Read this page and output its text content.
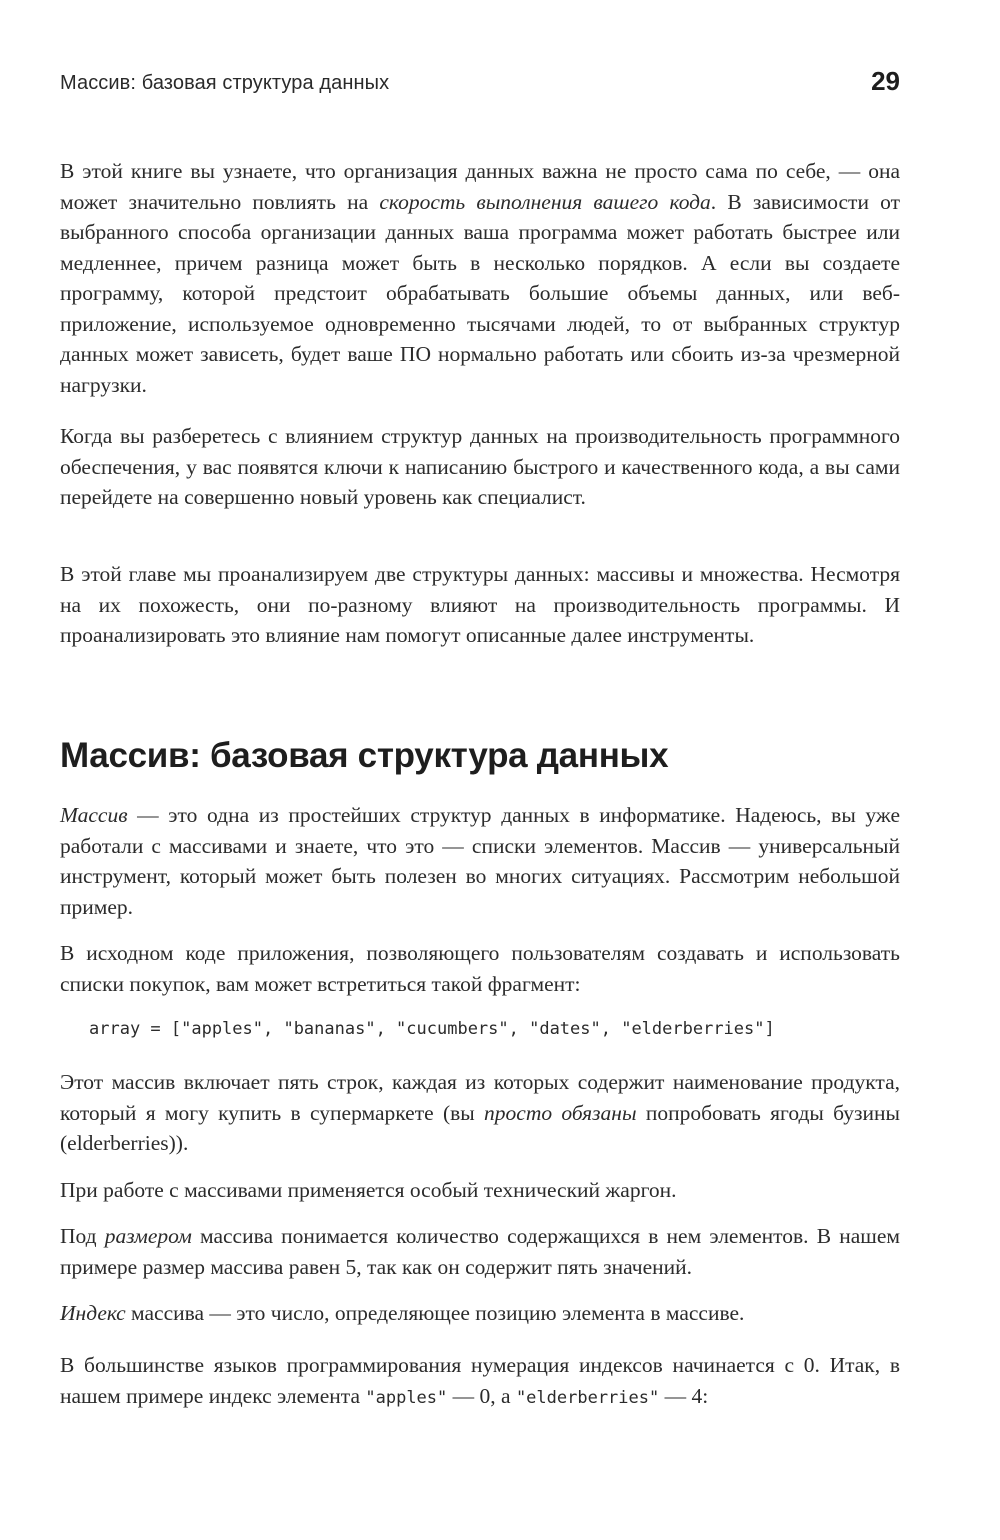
Массив: базовая структура данных	29

В этой книге вы узнаете, что организация данных важна не просто сама по себе, — она может значительно повлиять на скорость выполнения вашего кода. В зависимости от выбранного способа организации данных ваша программа может работать быстрее или медленнее, причем разница может быть в несколько порядков. А если вы создаете программу, которой предстоит обрабатывать большие объемы данных, или веб-приложение, используемое одновременно тысячами людей, то от выбранных структур данных может зависеть, будет ваше ПО нормально работать или сбоить из-за чрезмерной нагрузки.

Когда вы разберетесь с влиянием структур данных на производительность программного обеспечения, у вас появятся ключи к написанию быстрого и качественного кода, а вы сами перейдете на совершенно новый уровень как специалист.

В этой главе мы проанализируем две структуры данных: массивы и множества. Несмотря на их похожесть, они по-разному влияют на производительность программы. И проанализировать это влияние нам помогут описанные далее инструменты.

Массив: базовая структура данных

Массив — это одна из простейших структур данных в информатике. Надеюсь, вы уже работали с массивами и знаете, что это — списки элементов. Массив — универсальный инструмент, который может быть полезен во многих ситуациях. Рассмотрим небольшой пример.

В исходном коде приложения, позволяющего пользователям создавать и использовать списки покупок, вам может встретиться такой фрагмент:

array = ["apples", "bananas", "cucumbers", "dates", "elderberries"]

Этот массив включает пять строк, каждая из которых содержит наименование продукта, который я могу купить в супермаркете (вы просто обязаны попробовать ягоды бузины (elderberries)).

При работе с массивами применяется особый технический жаргон.

Под размером массива понимается количество содержащихся в нем элементов. В нашем примере размер массива равен 5, так как он содержит пять значений.

Индекс массива — это число, определяющее позицию элемента в массиве.

В большинстве языков программирования нумерация индексов начинается с 0. Итак, в нашем примере индекс элемента "apples" — 0, а "elderberries" — 4:
